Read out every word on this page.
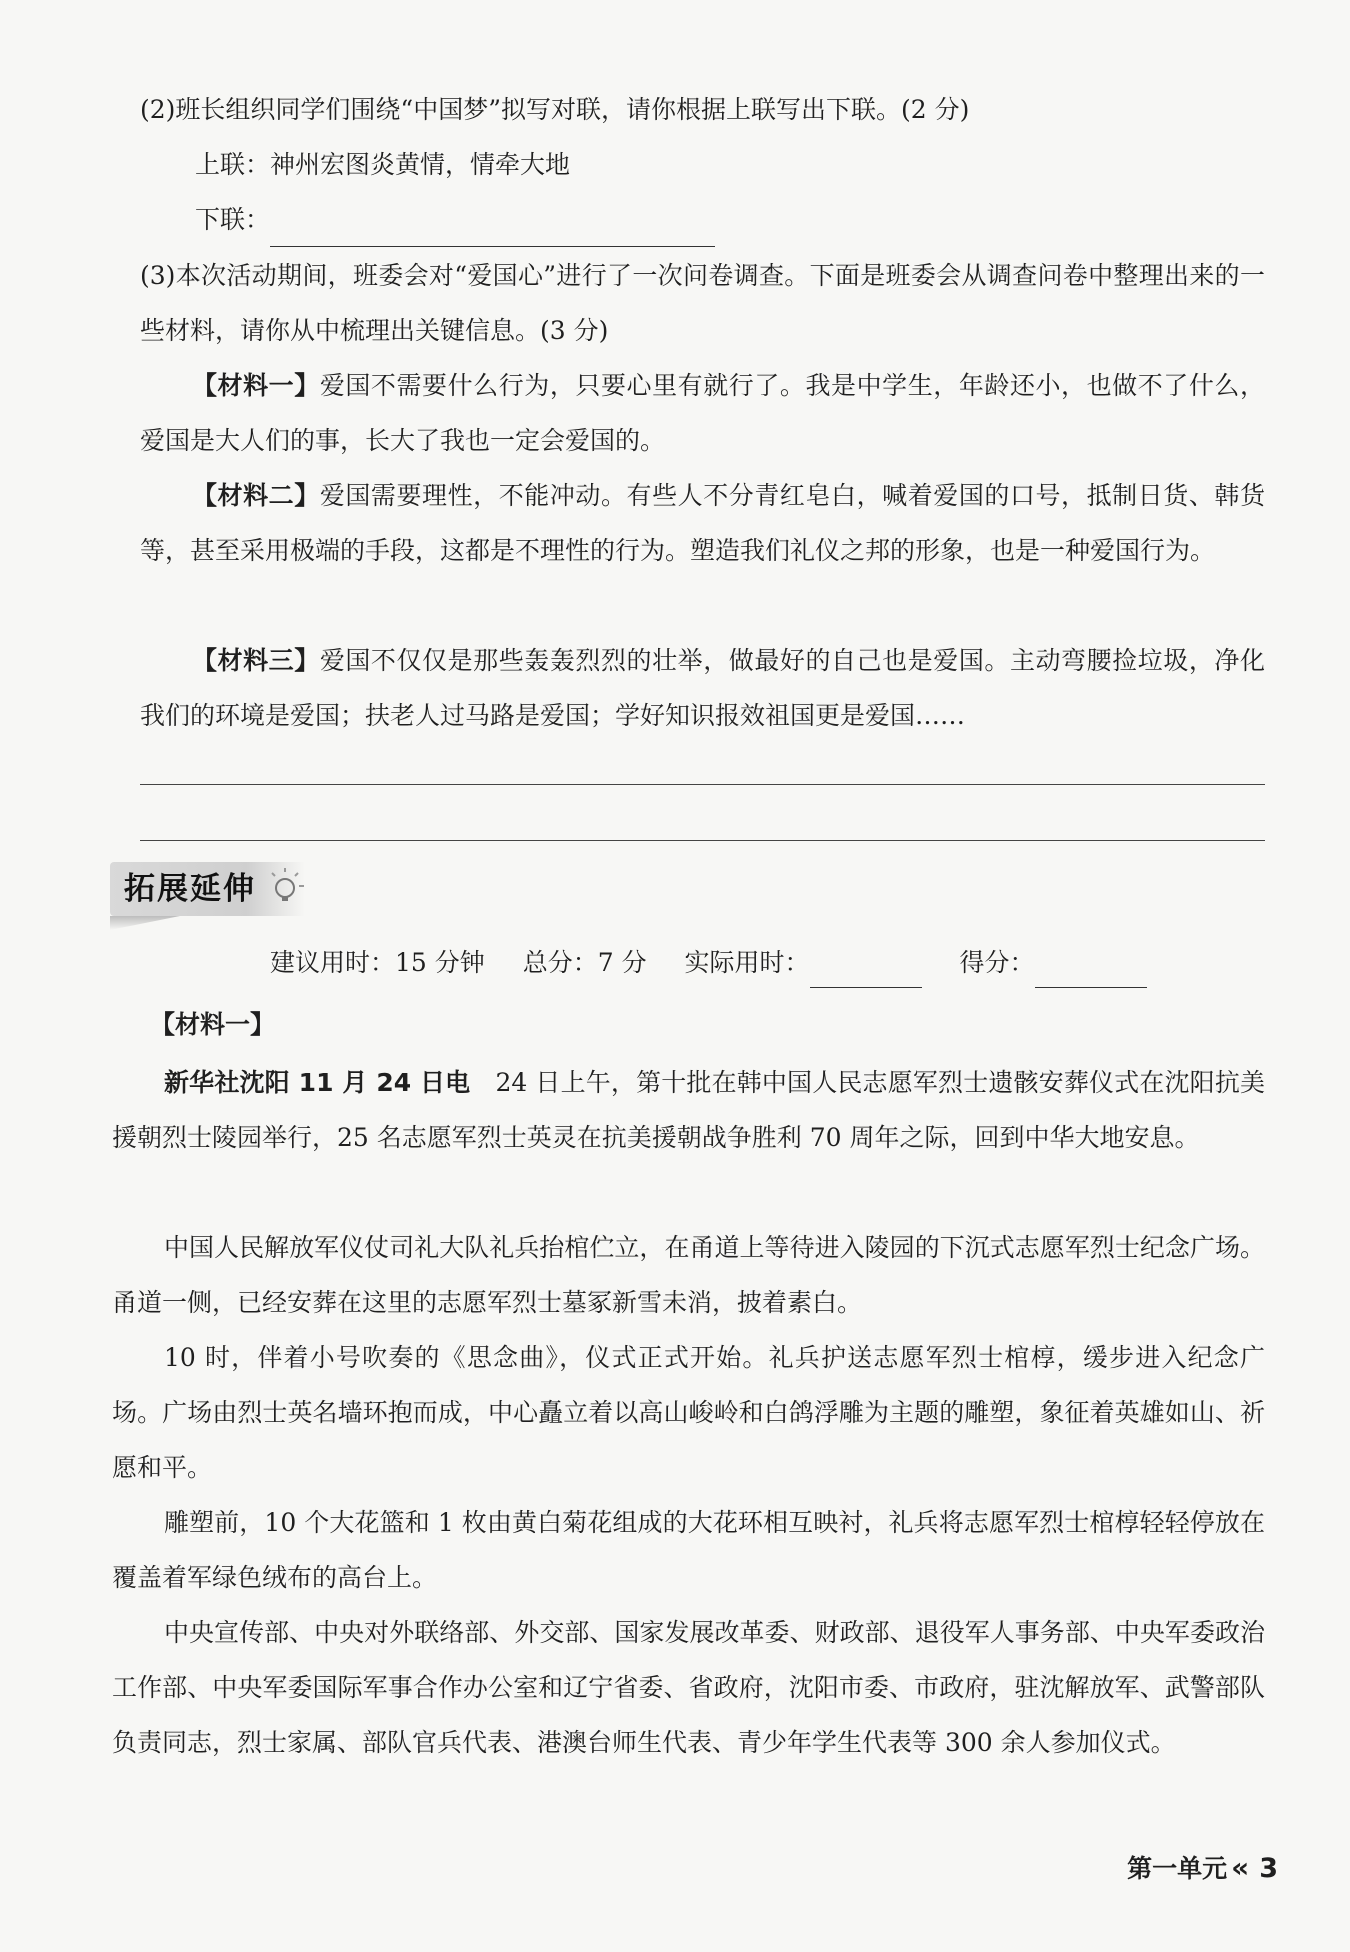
(2)班长组织同学们围绕“中国梦”拟写对联，请你根据上联写出下联。(2 分)

上联：神州宏图炎黄情，情牵大地

下联：

(3)本次活动期间，班委会对“爱国心”进行了一次问卷调查。下面是班委会从调查问卷中整理出来的一些材料，请你从中梳理出关键信息。(3 分)

【材料一】爱国不需要什么行为，只要心里有就行了。我是中学生，年龄还小，也做不了什么，爱国是大人们的事，长大了我也一定会爱国的。

【材料二】爱国需要理性，不能冲动。有些人不分青红皂白，喊着爱国的口号，抵制日货、韩货等，甚至采用极端的手段，这都是不理性的行为。塑造我们礼仪之邦的形象，也是一种爱国行为。

【材料三】爱国不仅仅是那些轰轰烈烈的壮举，做最好的自己也是爱国。主动弯腰捡垃圾，净化我们的环境是爱国；扶老人过马路是爱国；学好知识报效祖国更是爱国……

拓展延伸
建议用时：15 分钟 总分：7 分 实际用时：	得分：
【材料一】

新华社沈阳 11 月 24 日电　 24 日上午，第十批在韩中国人民志愿军烈士遗骸安葬仪式在沈阳抗美援朝烈士陵园举行，25 名志愿军烈士英灵在抗美援朝战争胜利 70 周年之际，回到中华大地安息。

中国人民解放军仪仗司礼大队礼兵抬棺伫立，在甬道上等待进入陵园的下沉式志愿军烈士纪念广场。甬道一侧，已经安葬在这里的志愿军烈士墓冢新雪未消，披着素白。

10 时，伴着小号吹奏的《思念曲》，仪式正式开始。礼兵护送志愿军烈士棺椁，缓步进入纪念广场。广场由烈士英名墙环抱而成，中心矗立着以高山峻岭和白鸽浮雕为主题的雕塑，象征着英雄如山、祈愿和平。

雕塑前，10 个大花篮和 1 枚由黄白菊花组成的大花环相互映衬，礼兵将志愿军烈士棺椁轻轻停放在覆盖着军绿色绒布的高台上。

中央宣传部、中央对外联络部、外交部、国家发展改革委、财政部、退役军人事务部、中央军委政治工作部、中央军委国际军事合作办公室和辽宁省委、省政府，沈阳市委、市政府，驻沈解放军、武警部队负责同志，烈士家属、部队官兵代表、港澳台师生代表、青少年学生代表等 300 余人参加仪式。

第一单元 « 3
